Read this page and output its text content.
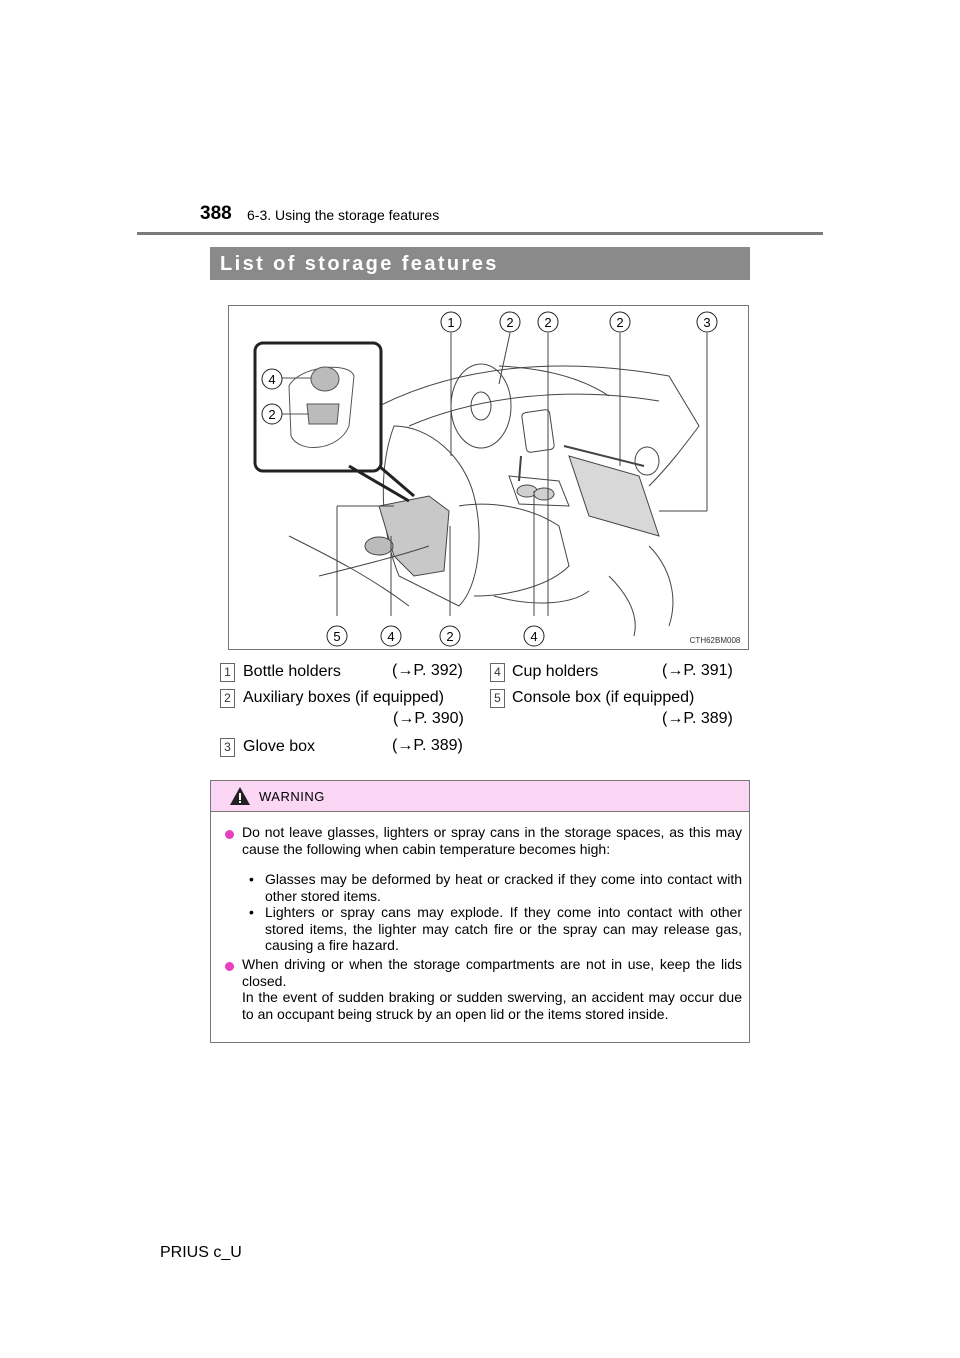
388 6-3. Using the storage features
List of storage features
1	2 2	2	3
4
2
5	4	2	4	CTH62BM008
1 Bottle holders	(→P. 392)
2 Auxiliary boxes (if equipped)
(→P. 390)
3 Glove box	(→P. 389)
4 Cup holders	(→P. 391)
5 Console box (if equipped)
(→P. 389)
WARNING
Do not leave glasses, lighters or spray cans in the storage spaces, as this may cause the following when cabin temperature becomes high:
• Glasses may be deformed by heat or cracked if they come into contact with other stored items.
• Lighters or spray cans may explode. If they come into contact with other stored items, the lighter may catch fire or the spray can may release gas, causing a fire hazard.
When driving or when the storage compartments are not in use, keep the lids closed.
In the event of sudden braking or sudden swerving, an accident may occur due to an occupant being struck by an open lid or the items stored inside.
PRIUS c_U
